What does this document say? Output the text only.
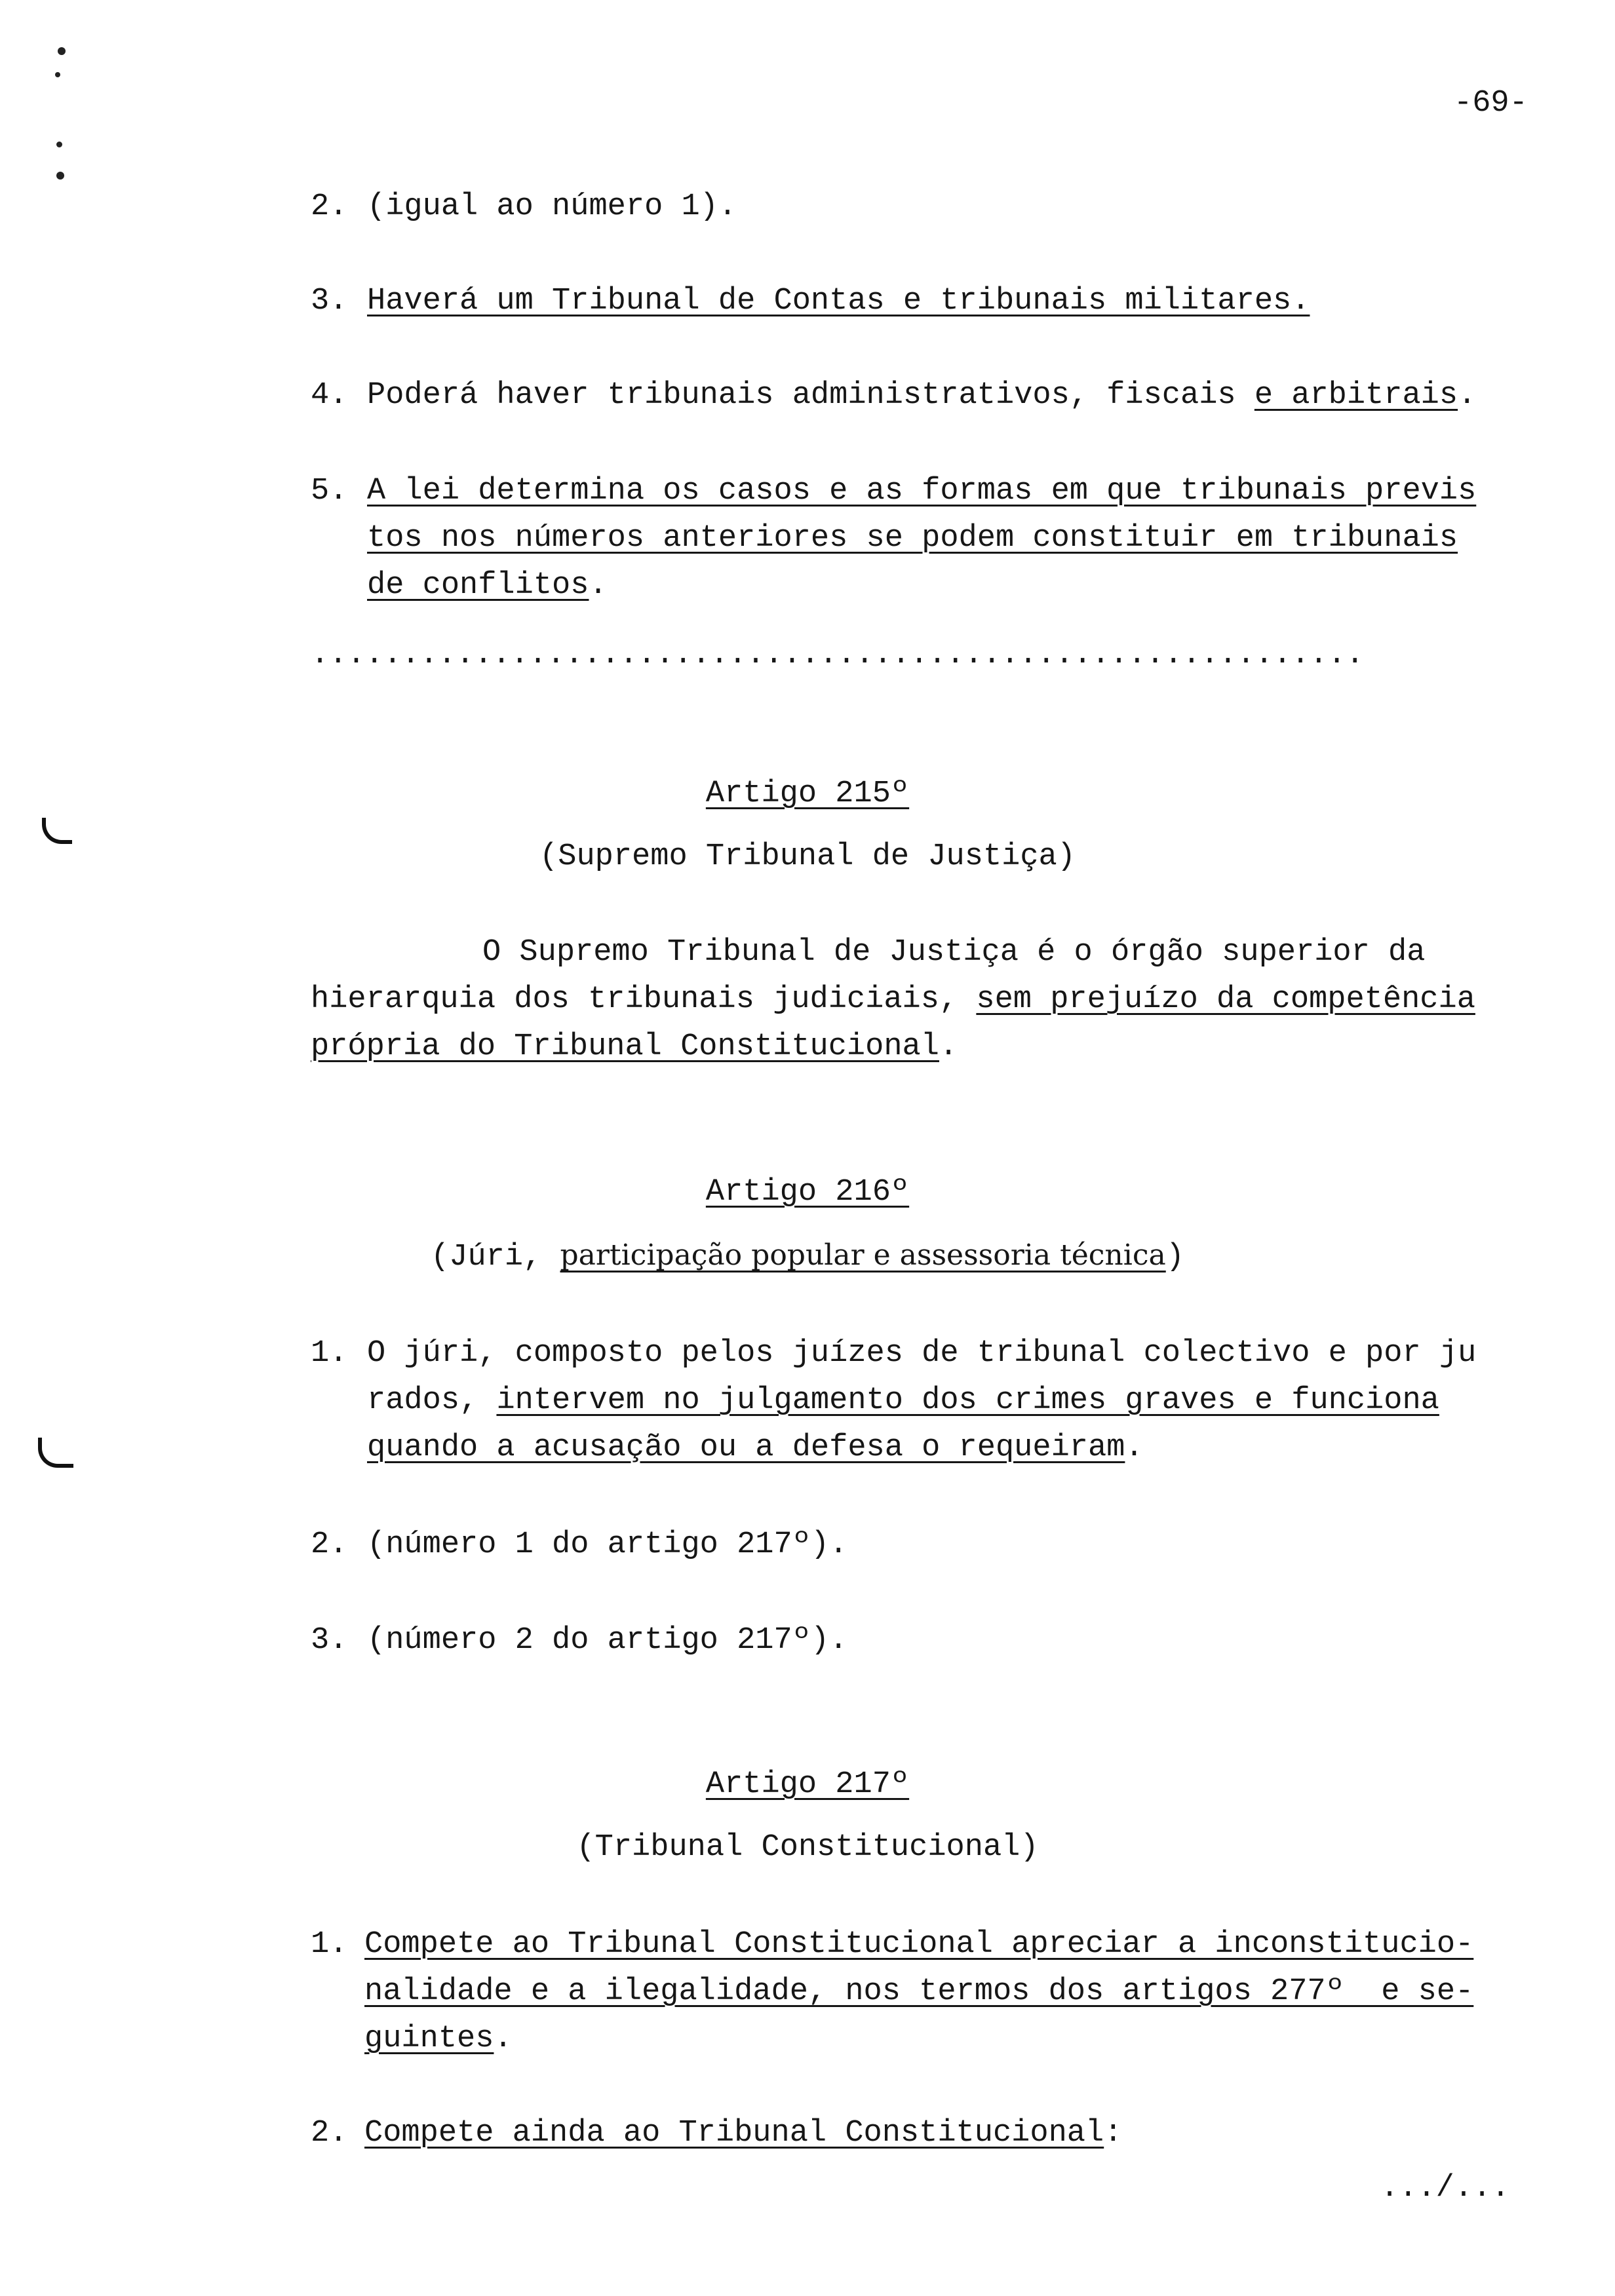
-69-
2. (igual ao número 1).
3. Haverá um Tribunal de Contas e tribunais militares.
4. Poderá haver tribunais administrativos, fiscais e arbitrais.
5. A lei determina os casos e as formas em que tribunais previs
tos nos números anteriores se podem constituir em tribunais
de conflitos.
..........................................................
Artigo 215º
(Supremo Tribunal de Justiça)
O Supremo Tribunal de Justiça é o órgão superior da
hierarquia dos tribunais judiciais, sem prejuízo da competência
própria do Tribunal Constitucional.
Artigo 216º
(Júri, participação popular e assessoria técnica)
1. O júri, composto pelos juízes de tribunal colectivo e por ju
rados, intervem no julgamento dos crimes graves e funciona
quando a acusação ou a defesa o requeiram.
2. (número 1 do artigo 217º).
3. (número 2 do artigo 217º).
Artigo 217º
(Tribunal Constitucional)
1. Compete ao Tribunal Constitucional apreciar a inconstitucio-
nalidade e a ilegalidade, nos termos dos artigos 277º  e se-
guintes.
2. Compete ainda ao Tribunal Constitucional:
.../...
